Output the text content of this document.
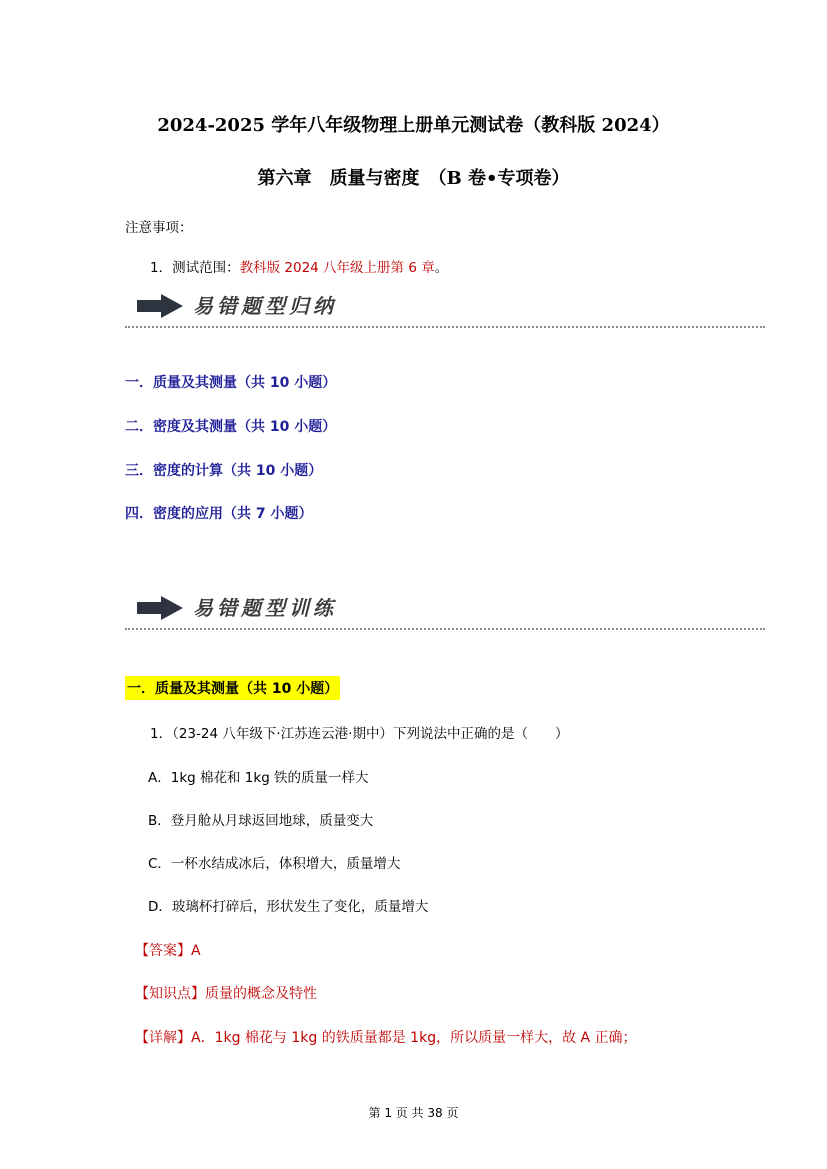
2024-2025 学年八年级物理上册单元测试卷（教科版 2024）
第六章　质量与密度　（B 卷•专项卷）
注意事项：
1．测试范围：教科版 2024 八年级上册第 6 章。
易错题型归纳
一．质量及其测量（共 10 小题）
二．密度及其测量（共 10 小题）
三．密度的计算（共 10 小题）
四．密度的应用（共 7 小题）
易错题型训练
一．质量及其测量（共 10 小题）
1．（23-24 八年级下·江苏连云港·期中）下列说法中正确的是（　　）
A．1kg 棉花和 1kg 铁的质量一样大
B．登月舱从月球返回地球，质量变大
C．一杯水结成冰后，体积增大，质量增大
D．玻璃杯打碎后，形状发生了变化，质量增大
【答案】A
【知识点】质量的概念及特性
【详解】A．1kg 棉花与 1kg 的铁质量都是 1kg，所以质量一样大，故 A 正确；
第 1 页 共 38 页
